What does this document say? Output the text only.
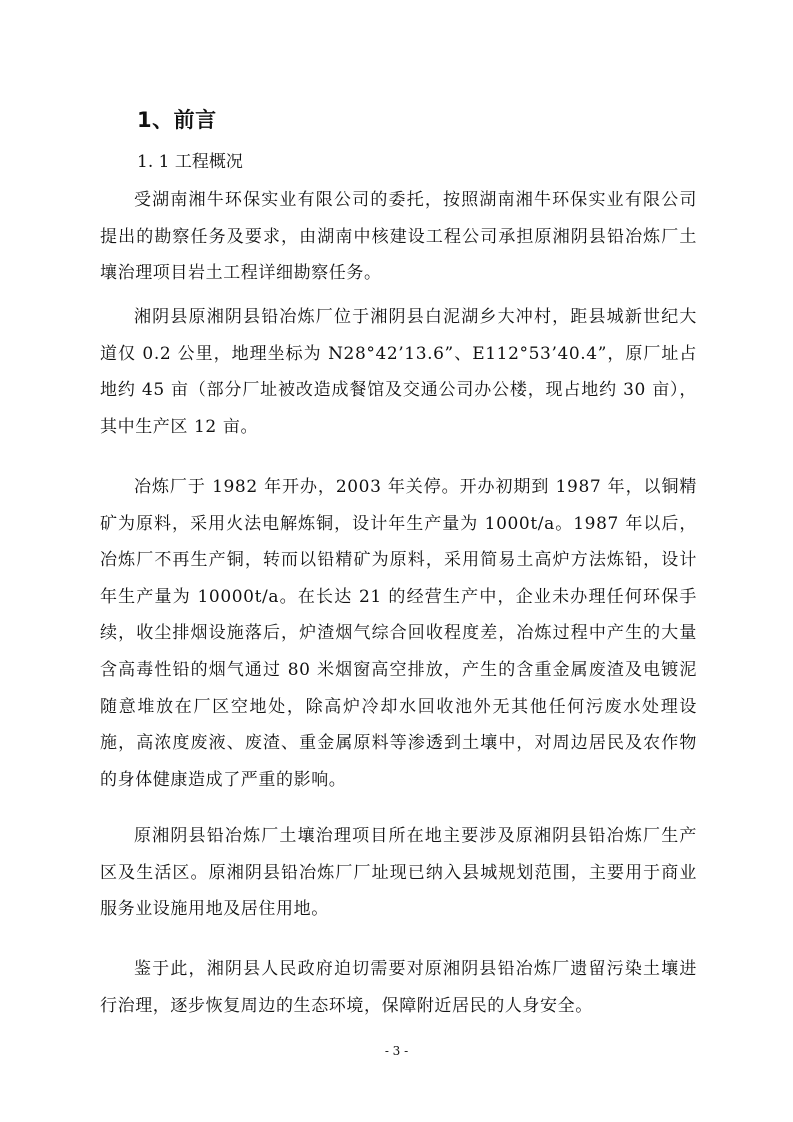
1、前言
1. 1 工程概况

受湖南湘牛环保实业有限公司的委托，按照湖南湘牛环保实业有限公司提出的勘察任务及要求，由湖南中核建设工程公司承担原湘阴县铅冶炼厂土壤治理项目岩土工程详细勘察任务。

湘阴县原湘阴县铅冶炼厂位于湘阴县白泥湖乡大冲村，距县城新世纪大道仅 0.2 公里，地理坐标为 N28°42’13.6”、E112°53’40.4”，原厂址占地约 45 亩（部分厂址被改造成餐馆及交通公司办公楼，现占地约 30 亩），其中生产区 12 亩。

冶炼厂于 1982 年开办，2003 年关停。开办初期到 1987 年，以铜精矿为原料，采用火法电解炼铜，设计年生产量为 1000t/a。1987 年以后，冶炼厂不再生产铜，转而以铅精矿为原料，采用简易土高炉方法炼铅，设计年生产量为 10000t/a。在长达 21 的经营生产中，企业未办理任何环保手续，收尘排烟设施落后，炉渣烟气综合回收程度差，冶炼过程中产生的大量含高毒性铅的烟气通过 80 米烟窗高空排放，产生的含重金属废渣及电镀泥随意堆放在厂区空地处，除高炉冷却水回收池外无其他任何污废水处理设施，高浓度废液、废渣、重金属原料等渗透到土壤中，对周边居民及农作物的身体健康造成了严重的影响。

原湘阴县铅冶炼厂土壤治理项目所在地主要涉及原湘阴县铅冶炼厂生产区及生活区。原湘阴县铅冶炼厂厂址现已纳入县城规划范围，主要用于商业服务业设施用地及居住用地。

鉴于此，湘阴县人民政府迫切需要对原湘阴县铅冶炼厂遗留污染土壤进行治理，逐步恢复周边的生态环境，保障附近居民的人身安全。

- 3 -
